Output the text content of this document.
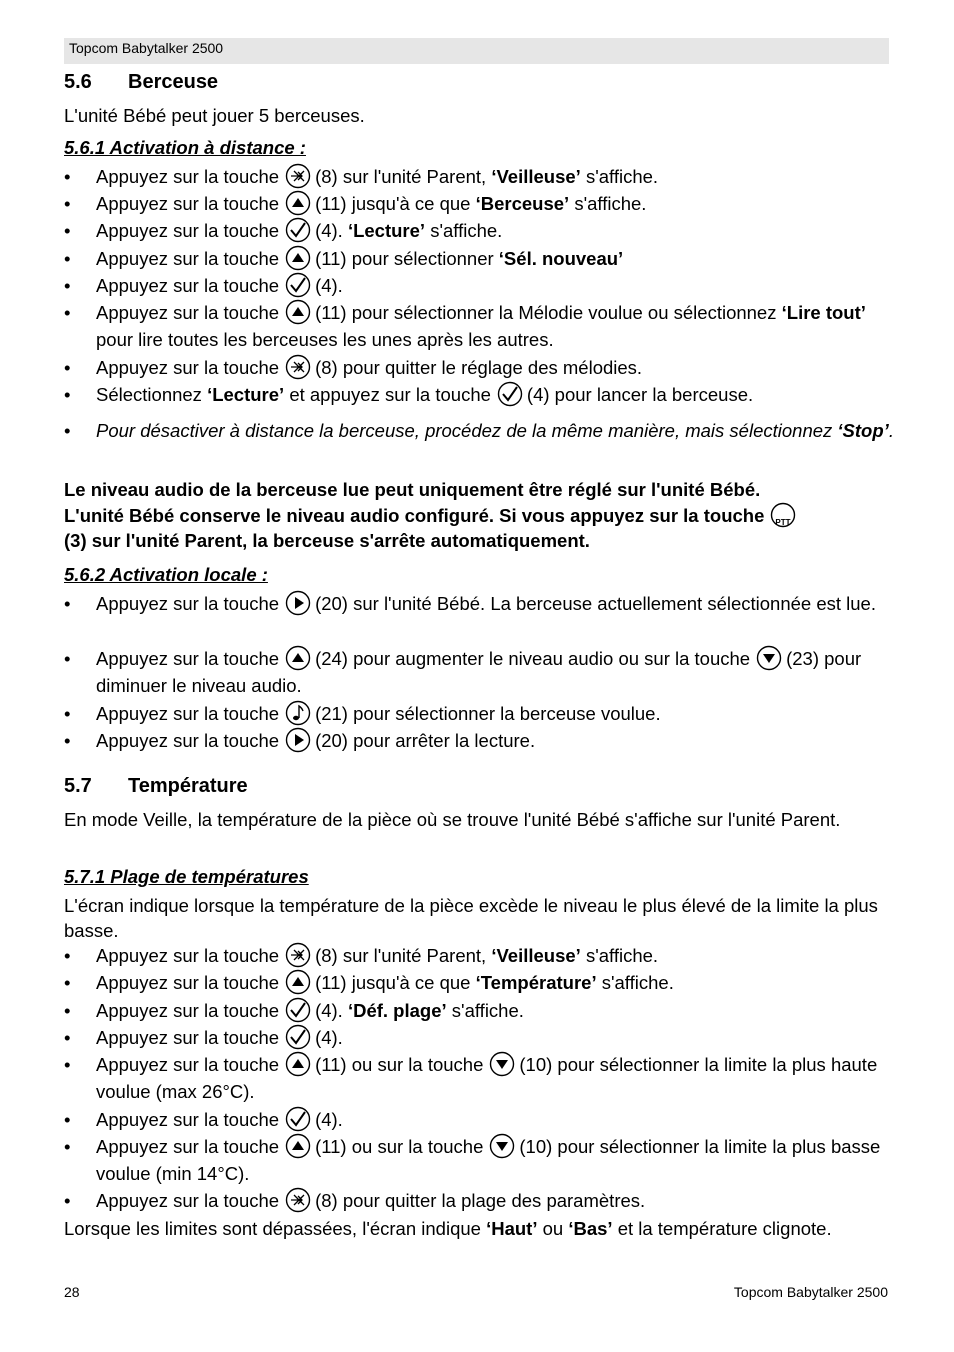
Topcom Babytalker 2500
5.6 Berceuse
L'unité Bébé peut jouer 5 berceuses.
5.6.1 Activation à distance :
• Appuyez sur la touche (8) sur l'unité Parent, ‘Veilleuse’ s'affiche.
• Appuyez sur la touche (11) jusqu'à ce que ‘Berceuse’ s'affiche.
• Appuyez sur la touche (4). ‘Lecture’ s'affiche.
• Appuyez sur la touche (11) pour sélectionner ‘Sél. nouveau’
• Appuyez sur la touche (4).
• Appuyez sur la touche (11) pour sélectionner la Mélodie voulue ou sélectionnez ‘Lire tout’ pour lire toutes les berceuses les unes après les autres.
• Appuyez sur la touche (8) pour quitter le réglage des mélodies.
• Sélectionnez ‘Lecture’ et appuyez sur la touche (4) pour lancer la berceuse.
• Pour désactiver à distance la berceuse, procédez de la même manière, mais sélectionnez ‘Stop’.
Le niveau audio de la berceuse lue peut uniquement être réglé sur l'unité Bébé.
L'unité Bébé conserve le niveau audio configuré. Si vous appuyez sur la touche PTT

(3) sur l'unité Parent, la berceuse s'arrête automatiquement.
5.6.2 Activation locale :
• Appuyez sur la touche (20) sur l'unité Bébé. La berceuse actuellement sélectionnée est lue.
• Appuyez sur la touche (24) pour augmenter le niveau audio ou sur la touche (23) pour diminuer le niveau audio.
• Appuyez sur la touche (21) pour sélectionner la berceuse voulue.
• Appuyez sur la touche (20) pour arrêter la lecture.
5.7 Température
En mode Veille, la température de la pièce où se trouve l'unité Bébé s'affiche sur l'unité Parent.
5.7.1 Plage de températures
L'écran indique lorsque la température de la pièce excède le niveau le plus élevé de la limite la plus basse.
• Appuyez sur la touche (8) sur l'unité Parent, ‘Veilleuse’ s'affiche.
• Appuyez sur la touche (11) jusqu'à ce que ‘Température’ s'affiche.
• Appuyez sur la touche (4). ‘Déf. plage’ s'affiche.
• Appuyez sur la touche (4).
• Appuyez sur la touche (11) ou sur la touche (10) pour sélectionner la limite la plus haute voulue (max 26°C).
• Appuyez sur la touche (4).
• Appuyez sur la touche (11) ou sur la touche (10) pour sélectionner la limite la plus basse voulue (min 14°C).
• Appuyez sur la touche (8) pour quitter la plage des paramètres.
Lorsque les limites sont dépassées, l'écran indique ‘Haut’ ou ‘Bas’ et la température clignote.
28	Topcom Babytalker 2500
